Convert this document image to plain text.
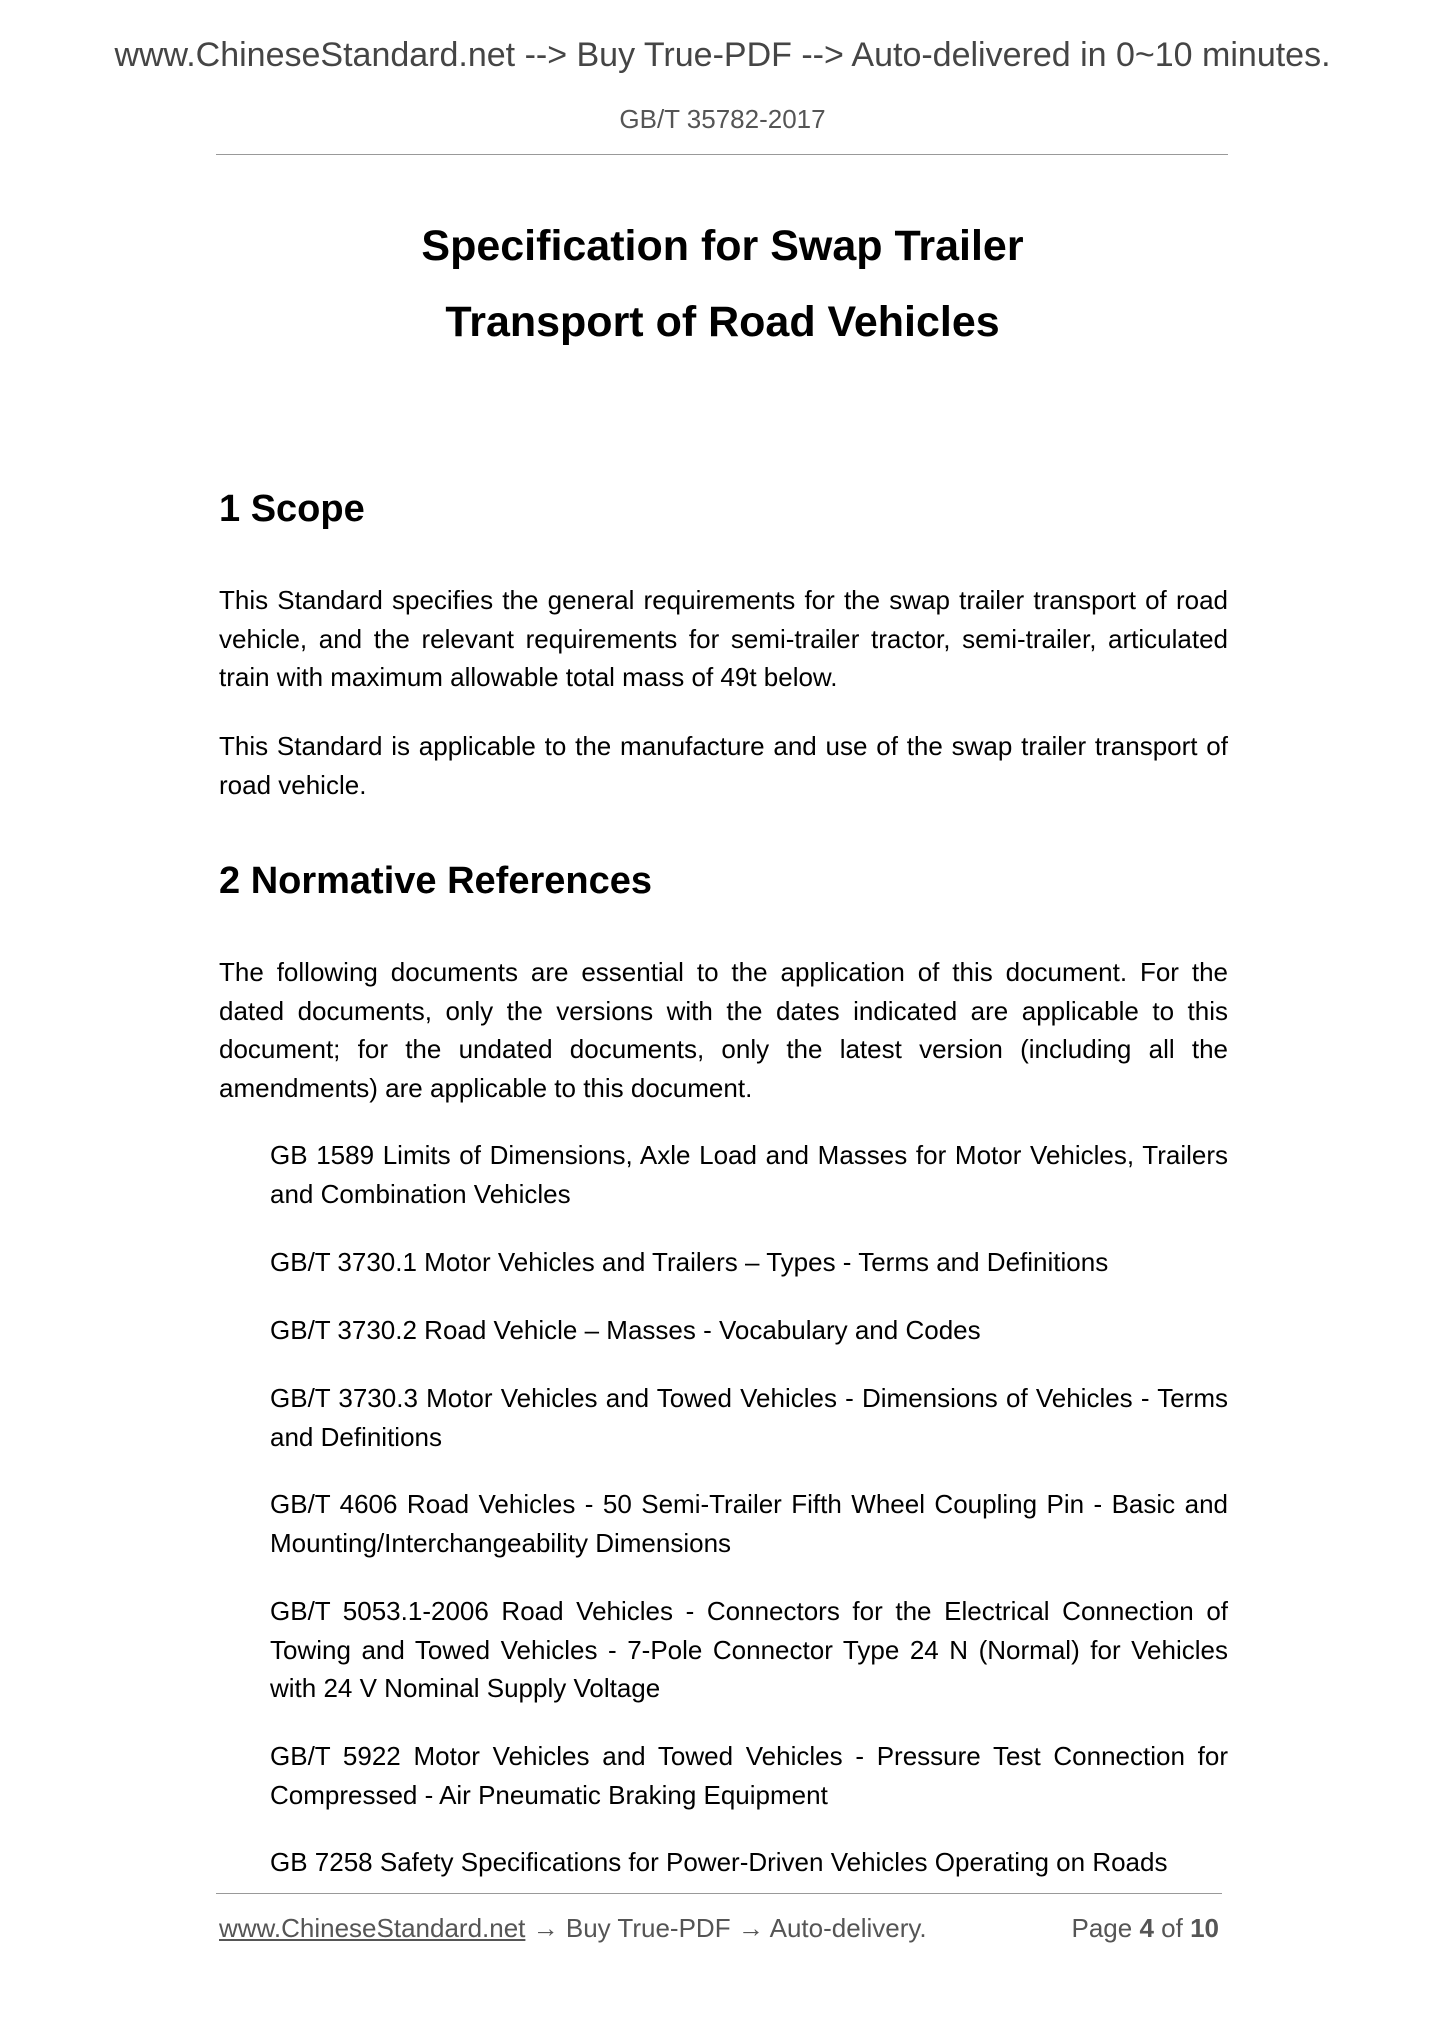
www.ChineseStandard.net --> Buy True-PDF --> Auto-delivered in 0~10 minutes.
GB/T 35782-2017
Specification for Swap Trailer
Transport of Road Vehicles
1 Scope

This Standard specifies the general requirements for the swap trailer transport of road vehicle, and the relevant requirements for semi-trailer tractor, semi-trailer, articulated train with maximum allowable total mass of 49t below.

This Standard is applicable to the manufacture and use of the swap trailer transport of road vehicle.

2 Normative References

The following documents are essential to the application of this document. For the dated documents, only the versions with the dates indicated are applicable to this document; for the undated documents, only the latest version (including all the amendments) are applicable to this document.

GB 1589 Limits of Dimensions, Axle Load and Masses for Motor Vehicles, Trailers and Combination Vehicles

GB/T 3730.1 Motor Vehicles and Trailers – Types - Terms and Definitions

GB/T 3730.2 Road Vehicle – Masses - Vocabulary and Codes

GB/T 3730.3 Motor Vehicles and Towed Vehicles - Dimensions of Vehicles - Terms and Definitions

GB/T 4606 Road Vehicles - 50 Semi-Trailer Fifth Wheel Coupling Pin - Basic and Mounting/Interchangeability Dimensions

GB/T 5053.1-2006 Road Vehicles - Connectors for the Electrical Connection of Towing and Towed Vehicles - 7-Pole Connector Type 24 N (Normal) for Vehicles with 24 V Nominal Supply Voltage

GB/T 5922 Motor Vehicles and Towed Vehicles - Pressure Test Connection for Compressed - Air Pneumatic Braking Equipment

GB 7258 Safety Specifications for Power-Driven Vehicles Operating on Roads

www.ChineseStandard.net → Buy True-PDF → Auto-delivery.	Page 4 of 10
